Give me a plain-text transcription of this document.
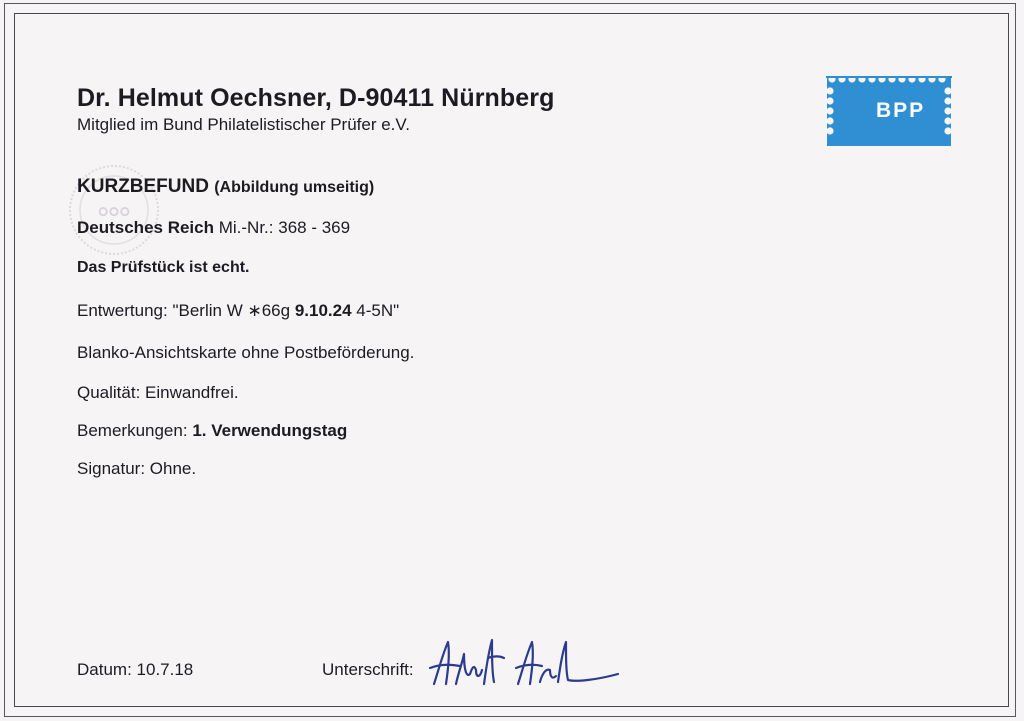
○○○
Dr. Helmut Oechsner, D-90411 Nürnberg
Mitglied im Bund Philatelistischer Prüfer e.V.
BPP
KURZBEFUND (Abbildung umseitig)
Deutsches Reich Mi.-Nr.: 368 - 369
Das Prüfstück ist echt.
Entwertung: "Berlin W ∗66g 9.10.24 4-5N"
Blanko-Ansichtskarte ohne Postbeförderung.
Qualität: Einwandfrei.
Bemerkungen: 1. Verwendungstag
Signatur: Ohne.
Datum: 10.7.18	Unterschrift:
